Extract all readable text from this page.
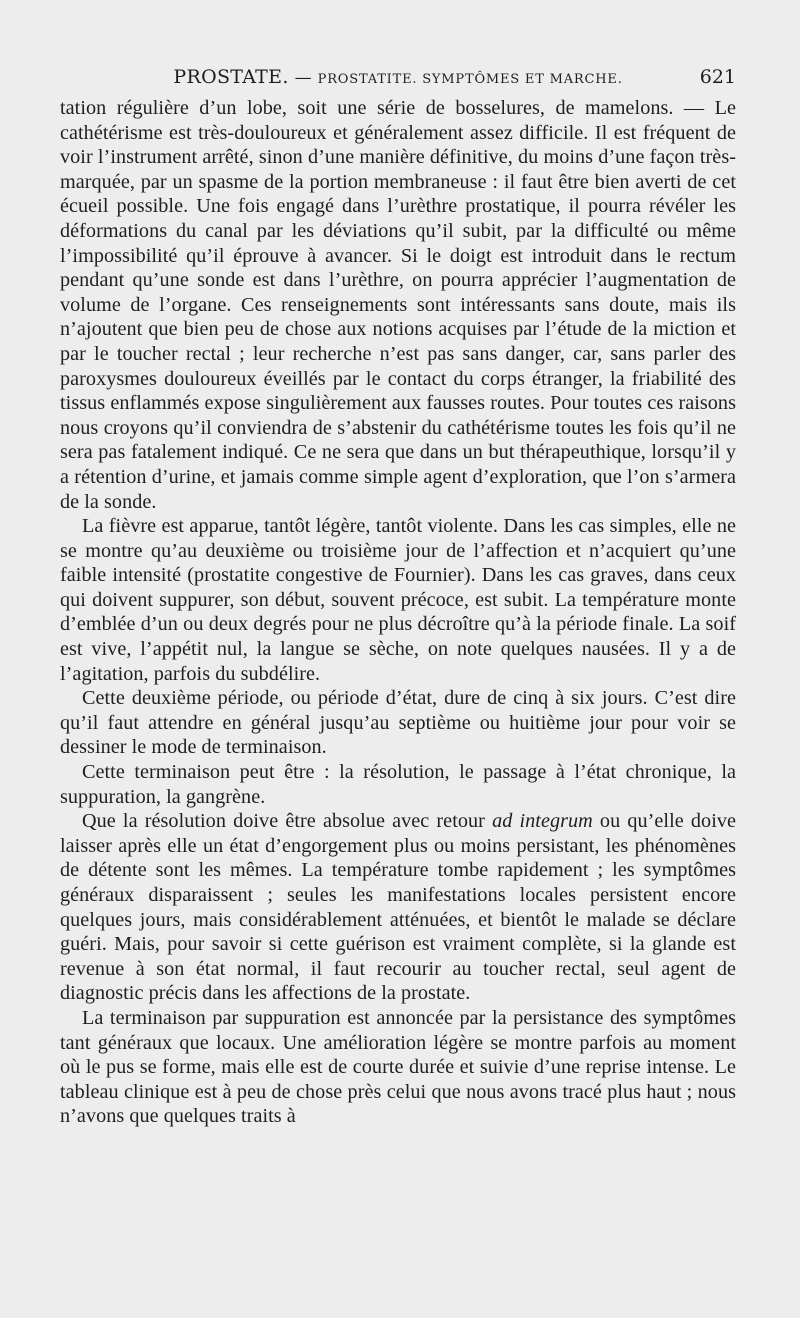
PROSTATE. — PROSTATITE. SYMPTÔMES ET MARCHE.	621

tation régulière d’un lobe, soit une série de bosselures, de mamelons. — Le cathétérisme est très-douloureux et généralement assez difficile. Il est fréquent de voir l’instrument arrêté, sinon d’une manière définitive, du moins d’une façon très-marquée, par un spasme de la portion membraneuse : il faut être bien averti de cet écueil possible. Une fois engagé dans l’urèthre prostatique, il pourra révéler les déformations du canal par les déviations qu’il subit, par la difficulté ou même l’impossibilité qu’il éprouve à avancer. Si le doigt est introduit dans le rectum pendant qu’une sonde est dans l’urèthre, on pourra apprécier l’augmentation de volume de l’organe. Ces renseignements sont intéressants sans doute, mais ils n’ajoutent que bien peu de chose aux notions acquises par l’étude de la miction et par le toucher rectal ; leur recherche n’est pas sans danger, car, sans parler des paroxysmes douloureux éveillés par le contact du corps étranger, la friabilité des tissus enflammés expose singulièrement aux fausses routes. Pour toutes ces raisons nous croyons qu’il conviendra de s’abstenir du cathétérisme toutes les fois qu’il ne sera pas fatalement indiqué. Ce ne sera que dans un but thérapeuthique, lorsqu’il y a rétention d’urine, et jamais comme simple agent d’exploration, que l’on s’armera de la sonde.

La fièvre est apparue, tantôt légère, tantôt violente. Dans les cas simples, elle ne se montre qu’au deuxième ou troisième jour de l’affection et n’acquiert qu’une faible intensité (prostatite congestive de Fournier). Dans les cas graves, dans ceux qui doivent suppurer, son début, souvent précoce, est subit. La température monte d’emblée d’un ou deux degrés pour ne plus décroître qu’à la période finale. La soif est vive, l’appétit nul, la langue se sèche, on note quelques nausées. Il y a de l’agitation, parfois du subdélire.

Cette deuxième période, ou période d’état, dure de cinq à six jours. C’est dire qu’il faut attendre en général jusqu’au septième ou huitième jour pour voir se dessiner le mode de terminaison.

Cette terminaison peut être : la résolution, le passage à l’état chronique, la suppuration, la gangrène.

Que la résolution doive être absolue avec retour ad integrum ou qu’elle doive laisser après elle un état d’engorgement plus ou moins persistant, les phénomènes de détente sont les mêmes. La température tombe rapidement ; les symptômes généraux disparaissent ; seules les manifestations locales persistent encore quelques jours, mais considérablement atténuées, et bientôt le malade se déclare guéri. Mais, pour savoir si cette guérison est vraiment complète, si la glande est revenue à son état normal, il faut recourir au toucher rectal, seul agent de diagnostic précis dans les affections de la prostate.

La terminaison par suppuration est annoncée par la persistance des symptômes tant généraux que locaux. Une amélioration légère se montre parfois au moment où le pus se forme, mais elle est de courte durée et suivie d’une reprise intense. Le tableau clinique est à peu de chose près celui que nous avons tracé plus haut ; nous n’avons que quelques traits à
